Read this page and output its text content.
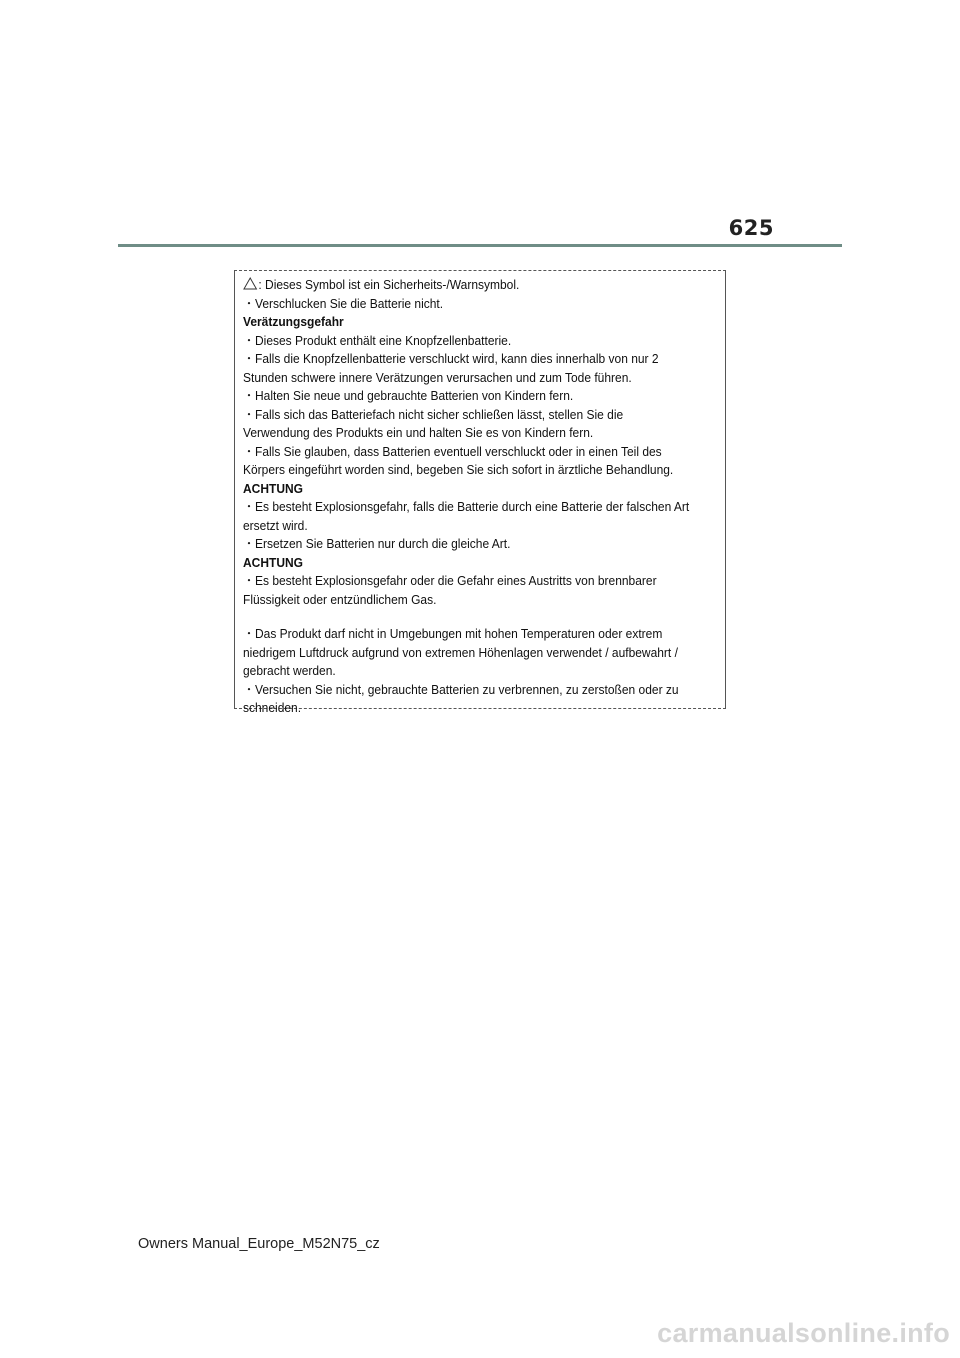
625
: Dieses Symbol ist ein Sicherheits-/Warnsymbol.
・Verschlucken Sie die Batterie nicht.
Verätzungsgefahr
・Dieses Produkt enthält eine Knopfzellenbatterie.
・Falls die Knopfzellenbatterie verschluckt wird, kann dies innerhalb von nur 2
Stunden schwere innere Verätzungen verursachen und zum Tode führen.
・Halten Sie neue und gebrauchte Batterien von Kindern fern.
・Falls sich das Batteriefach nicht sicher schließen lässt, stellen Sie die
Verwendung des Produkts ein und halten Sie es von Kindern fern.
・Falls Sie glauben, dass Batterien eventuell verschluckt oder in einen Teil des
Körpers eingeführt worden sind, begeben Sie sich sofort in ärztliche Behandlung.
ACHTUNG
・Es besteht Explosionsgefahr, falls die Batterie durch eine Batterie der falschen Art
ersetzt wird.
・Ersetzen Sie Batterien nur durch die gleiche Art.
ACHTUNG
・Es besteht Explosionsgefahr oder die Gefahr eines Austritts von brennbarer
Flüssigkeit oder entzündlichem Gas.
・Das Produkt darf nicht in Umgebungen mit hohen Temperaturen oder extrem
niedrigem Luftdruck aufgrund von extremen Höhenlagen verwendet / aufbewahrt /
gebracht werden.
・Versuchen Sie nicht, gebrauchte Batterien zu verbrennen, zu zerstoßen oder zu
schneiden.
Owners Manual_Europe_M52N75_cz
carmanualsonline.info
